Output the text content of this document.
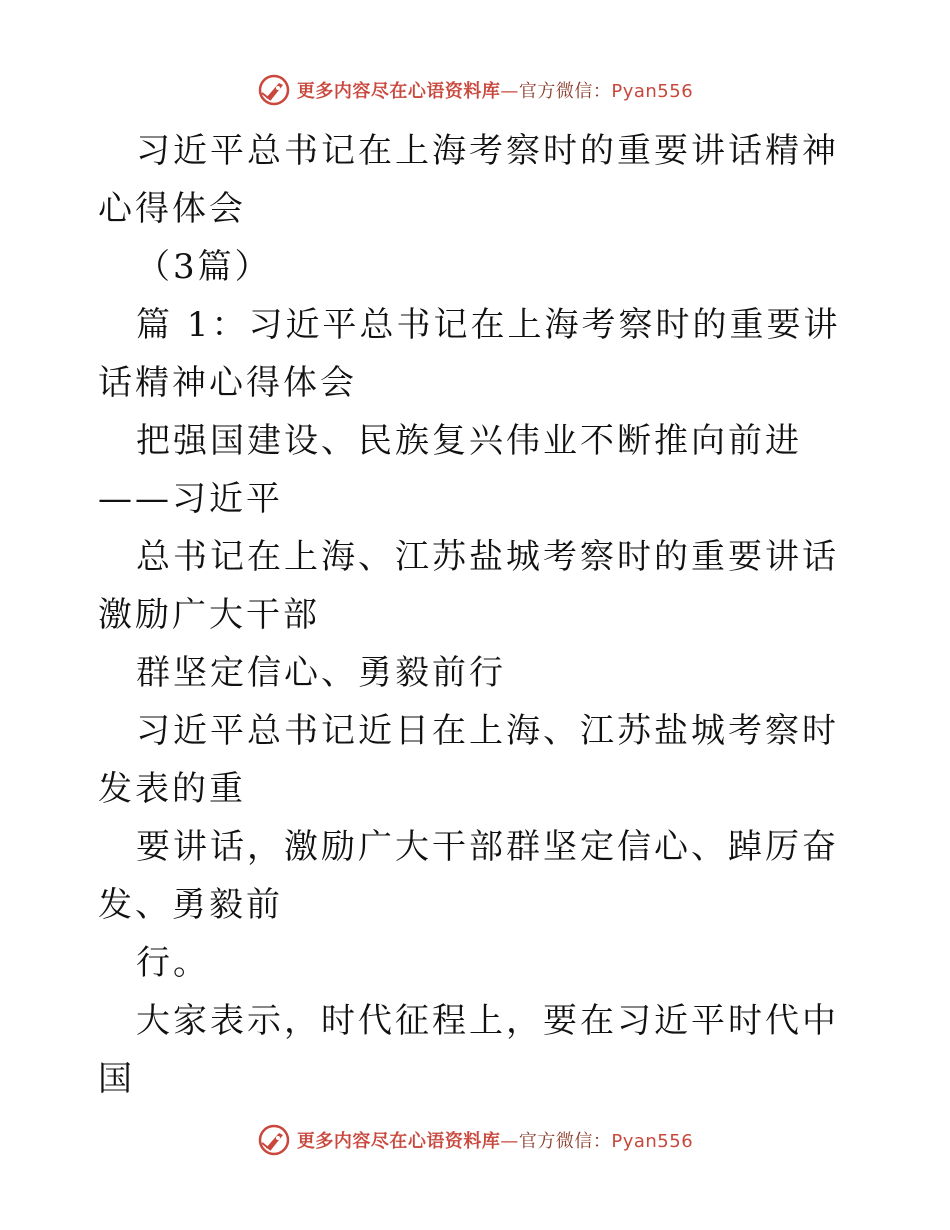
更多内容尽在心语资料库—官方微信：Pyan556

习近平总书记在上海考察时的重要讲话精神心得体会

（3篇）

篇 1：习近平总书记在上海考察时的重要讲话精神心得体会

把强国建设、民族复兴伟业不断推向前进——习近平

总书记在上海、江苏盐城考察时的重要讲话激励广大干部

群坚定信心、勇毅前行

习近平总书记近日在上海、江苏盐城考察时发表的重

要讲话，激励广大干部群坚定信心、踔厉奋发、勇毅前

行。

大家表示，时代征程上，要在习近平时代中国

更多内容尽在心语资料库—官方微信：Pyan556
